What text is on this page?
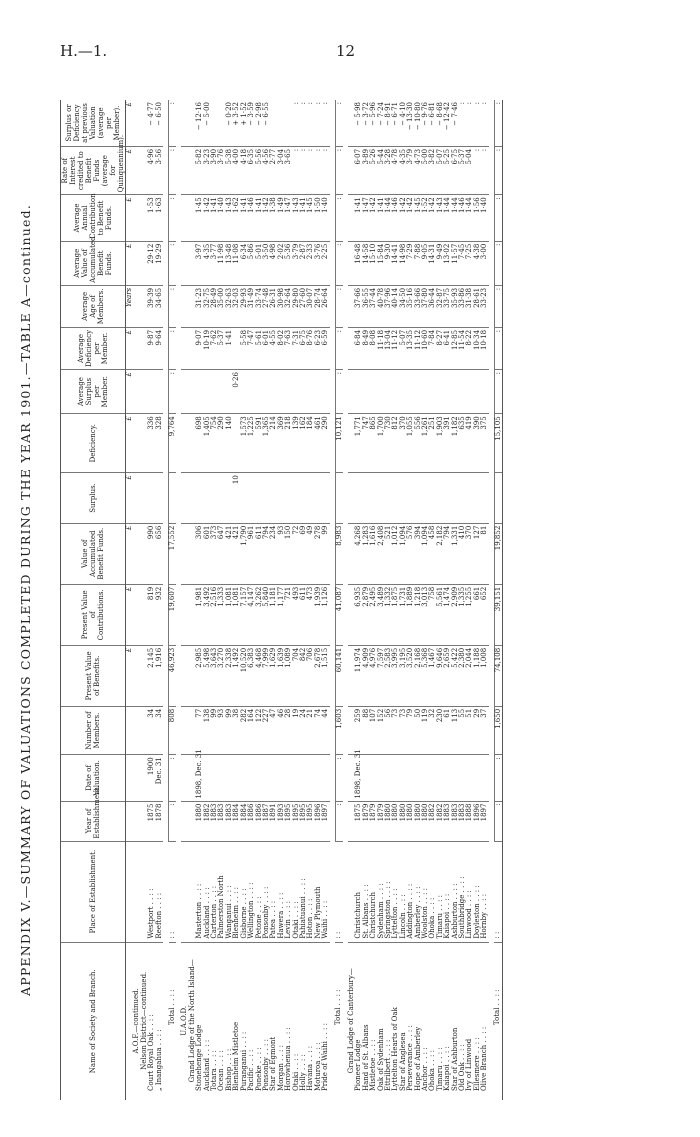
H.—1.	12
APPENDIX V.—SUMMARY OF VALUATIONS COMPLETED DURING THE YEAR 1901.—TABLE A—continued.
Name of Society and Branch.	Place of Establishment.	Year of Establishment.	Date of Valuation.	Number of Members.	Present Value of Benefits.	Present Value of Contributions.	Value of Accumulated Benefit Funds.	Surplus.	Deficiency.	Average Surplus per Member.	Average Deficiency per Member.	Average Age of Members.	Average Value of Accumulated Benefit Funds.	Average Annual Contribution to Benefit Funds.	Rate of Interest credited to Benefit Funds (average for Quinquennium).	Surplus or Deficiency at previous Valuation (average per Member).
					£	£	£	£	£	£	£	Years	£	£	£	£
A.O.F.—continued.																
Nelson District—continued.																
Court Royal Oak . . : :	Westport . . : :	1875	1900	34	2,145	819	990		336		9·87	39·39	29·12	1·53	4·96	− 4·77
„ Inangahua . . : :	Reefton . . : :	1878	Dec. 31	34	1,916	932	656		328		9·64	34·65	19·29	1·63	3·56	− 6·50

Total . . : :	: :	:	:	808	46,923	19,607	17,552		9,764	:	:	:	:	:	:	:

U.A.O.D.																
Grand Lodge of the North Island—																
Stonehenge Lodge	Masterton . . : :	1880	1898, Dec. 31	77	2,985	1,981	306		698		9·07	31·23	3·97	1·45	5·82	− 12·16
Auckland . . : :	Auckland . . : :	1882		138	5,498	3,492	601		1,405		10·19	32·75	4·35	1·42	3·23	− 5·00
Totara . . : :	Carterton . . : :	1883		99	3,643	2,516	373		754		7·62	28·49	3·77	1·41	3·90	
Ocean . . : :	Palmerston North	1883		93	3,270	1,333	647		290		5·37	35·00	11·98	1·40	3·76	
Bishop . . : :	Wanganui . . : :	1883		99	2,338	1,081	421		140		1·41	32·63	13·48	1·43	5·38	− 0·20
Blenheim Mistletoe	Blenheim . . : :	1884		38	1,492	1,081	421	10		0·26		32·03	11·08	1·62	4·00	+ 3·52
Puranganui . . : :	Gisborne . . : :	1884		282	10,520	7,157	1,790		1,573		5·58	29·93	6·34	1·41	4·18	+ 1·52
Pacific . . : :	Wellington . . : :	1886		164	6,383	4,147	961		1,225		7·47	31·49	5·86	1·46	6·35	− 3·59
Poneke . . : :	Petone . . : :	1886		122	4,468	3,262	611		591		5·61	33·74	5·01	1·41	5·56	− 2·98
Ponsonby . . : :	Ponsonby . . : :	1887		227	7,999	5,840	794		1,365		6·01	27·48	3·50	1·42	4·56	− 6·55
Star of Egmont	Patea . . : :	1891		47	1,629	1,181	234		214		4·55	26·31	4·98	1·38	2·77	
Morgan . . : :	Hawera . . : :	1893		46	1,639	1,177	93		369		8·02	30·98	2·02	1·49	3·04	
Horowhenua . . : :	Levin . . : :	1895		28	1,089	721	150		218		7·63	32·64	5·36	1·47	3·65	
Otaki . . : :	Otaki . . : :	1895		19	704	493	72		139		7·31	29·80	3·79	1·43	:	:
Holly . . : :	Pahiatuanui . . : :	1895		24	842	611	69		162		6·75	27·60	2·87	1·41	:	:
Havana . . : :	Hoton . . : :	1895		21	706	473	49		184		8·76	30·07	2·33	1·45	:	:
Moturoa . . : :	New Plymouth	1896		74	2,678	1,939	278		461		6·23	28·74	3·76	1·50	:	:
Pride of Waihi . . : :	Waihi . . : :	1897		44	1,515	1,126	99		290		6·59	26·64	2·25	1·40	:	:

Total . . : :	: :	:	:	1,603	60,141	41,087	8,983		10,121	:	:	:	:	:	:	:

Grand Lodge of Canterbury—																
Pioneer Lodge	Christchurch	1875	1898, Dec. 31	259	11,974	6,935	4,268		1,771		6·84	37·66	16·48	1·41	6·07	− 5·98
Hand of St. Albans	St. Albans . . : :	1879		88	4,909	2,879	1,283		747		8·49	36·55	14·58	1·47	3·89	− 3·72
Mistletoe . . : :	Christchurch	1879		107	4,976	2,495	1,616		865		8·08	37·44	15·10	1·42	5·26	− 5·96
Oak of Sydenham	Sydenham . . : :	1879		152	7,597	3,489	2,408		1,700		11·18	40·78	15·84	1·41	5·44	− 7·24
Ettrilbert . . : :	Springston . . : :	1880		56	2,583	1,332	521		730		13·04	37·96	9·30	1·44	3·28	− 8·91
Lyttelton Hearts of Oak	Lyttelton . . : :	1880		73	3,995	1,875	1,012		812		11·12	40·14	14·41	1·46	4·78	− 6·71
Star of Anglesea	Lincoln . . : :	1880		73	3,195	1,731	1,094		370		5·07	34·50	14·98	1·42	4·35	− 4·10
Perseverance . . : :	Addington . . : :	1880		79	3,520	1,889	576		1,055		13·35	35·16	7·29	1·42	3·79	− 13·30
Hope of Amberley	Amberley . . : :	1880		50	2,168	1,218	394		556		11·12	33·66	7·88	1·45	4·73	− 10·80
Anchor . . : :	Woolston . . : :	1880		119	5,368	3,013	1,094		1,261		10·60	37·80	9·05	1·52	5·00	− 9·76
Ohoka . . : :	Ohoka . . : :	1882		32	1,467	758	458		251		7·84	36·44	14·31	1·42	3·82	− 6·81
Timaru . . : :	Timaru . . : :	1882		230	9,646	5,561	2,182		1,903		8·27	32·87	9·49	1·43	5·07	− 8·68
Kaiapoi . . : :	Kaiapoi . . : :	1883		61	2,659	1,474	794		391		6·41	33·75	13·02	1·44	5·25	− 12·42
Star of Ashburton	Ashburton . . : :	1883		113	5,422	2,909	1,331		1,182		12·85	35·93	11·57	1·44	6·75	− 7·46
Old Oak . . : :	Southbridge . . : :	1883		55	2,380	1,335	410		635		11·54	33·86	7·45	1·46	5·37	:
Ivy of Linwood	Linwood . . : :	1888		51	2,044	1,255	370		419		8·22	31·38	7·25	1·44	5·04	:
Ellesmere . . : :	Doyleston . . : :	1896		29	1,188	661	127		390		10·34	28·61	4·38	1·56	:	:
Olive Branch . . : :	Hornby . . : :	1897		37	1,008	652	81		375		10·18	33·23	3·00	1·40	:	:

Total . . : :	: :	:	:	1,650	74,108	39,151	19,852		15,105	:	:	:	:	:	:	:
